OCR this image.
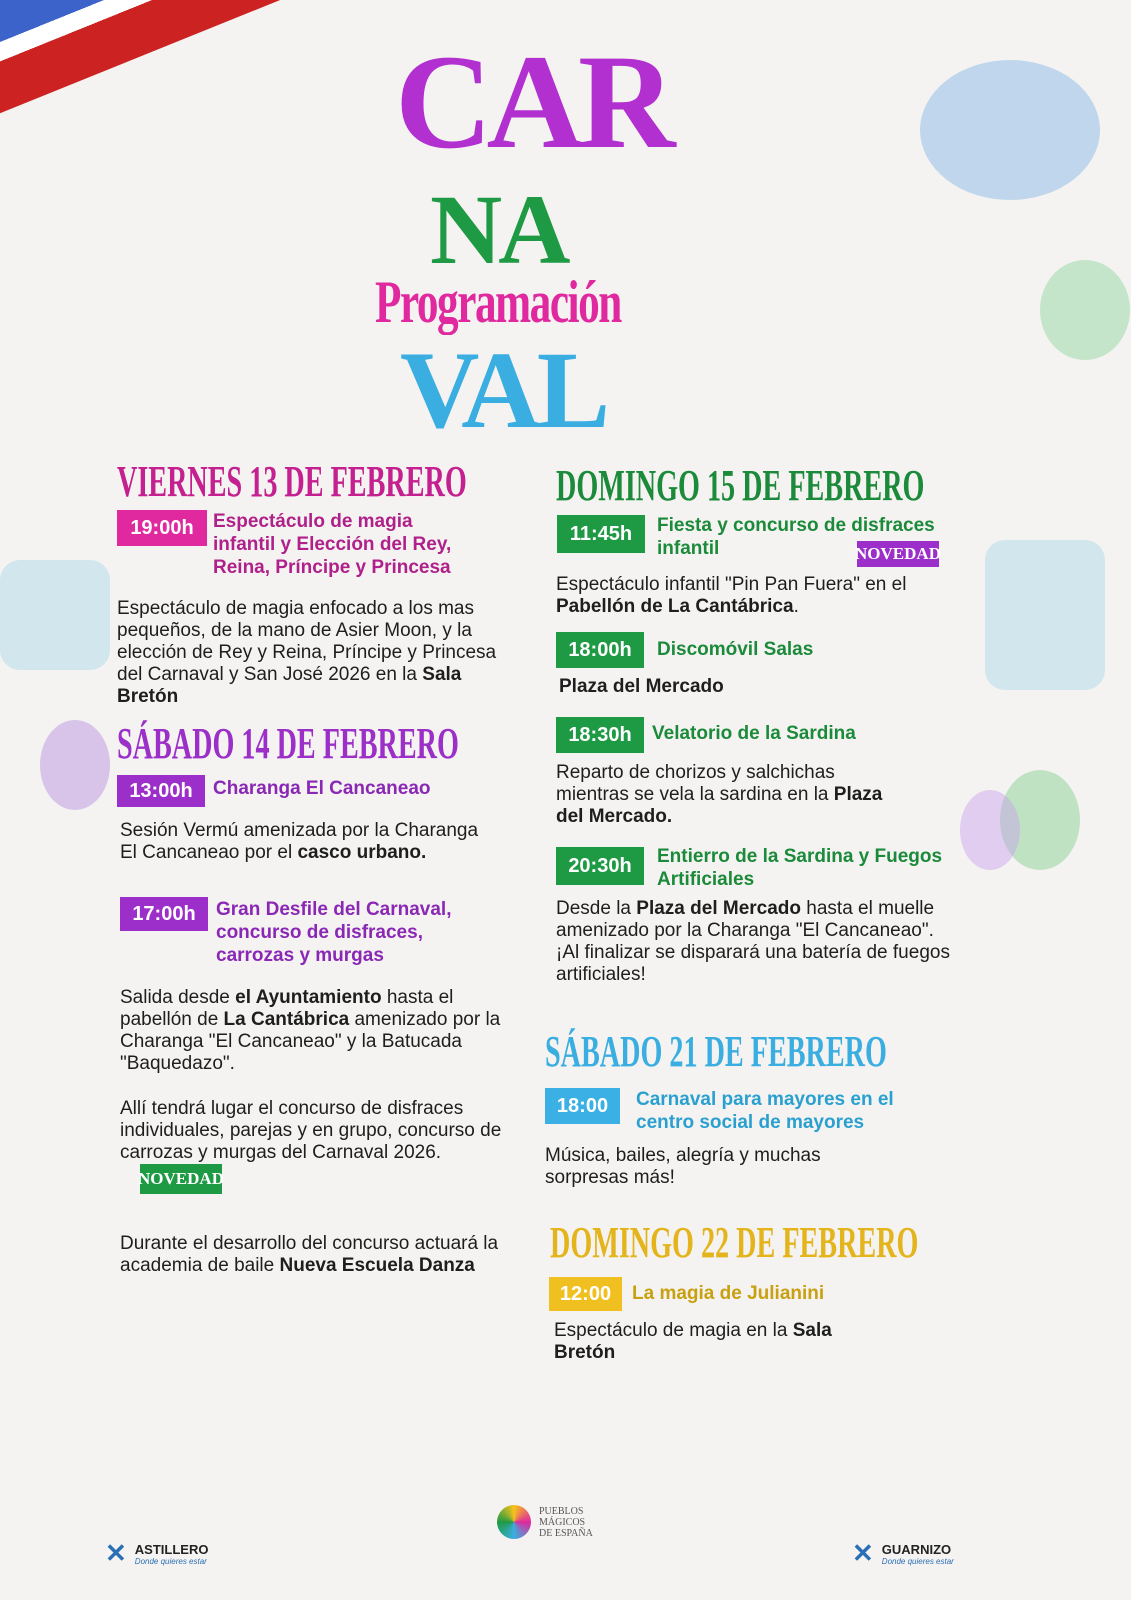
CAR
NA
Programación
VAL
VIERNES 13 DE FEBRERO
19:00h	Espectáculo de magia
infantil y Elección del Rey,
Reina, Príncipe y Princesa
Espectáculo de magia enfocado a los mas pequeños, de la mano de Asier Moon, y la elección de Rey y Reina, Príncipe y Princesa del Carnaval y San José 2026 en la Sala Bretón
SÁBADO 14 DE FEBRERO
13:00h	Charanga El Cancaneao
Sesión Vermú amenizada por la Charanga El Cancaneao por el casco urbano.
17:00h	Gran Desfile del Carnaval,
concurso de disfraces,
carrozas y murgas
Salida desde el Ayuntamiento hasta el pabellón de La Cantábrica amenizado por la Charanga "El Cancaneao" y la Batucada "Baquedazo".
Allí tendrá lugar el concurso de disfraces individuales, parejas y en grupo, concurso de carrozas y murgas del Carnaval 2026.NOVEDAD
Durante el desarrollo del concurso actuará la academia de baile Nueva Escuela Danza
DOMINGO 15 DE FEBRERO
11:45h	Fiesta y concurso de disfraces
infantil	NOVEDAD
Espectáculo infantil "Pin Pan Fuera" en el Pabellón de La Cantábrica.
18:00h	Discomóvil Salas
Plaza del Mercado
18:30h	Velatorio de la Sardina
Reparto de chorizos y salchichas mientras se vela la sardina en la Plaza del Mercado.
20:30h	Entierro de la Sardina y Fuegos
Artificiales
Desde la Plaza del Mercado hasta el muelle amenizado por la Charanga "El Cancaneao". ¡Al finalizar se disparará una batería de fuegos artificiales!
SÁBADO 21 DE FEBRERO
18:00	Carnaval para mayores en el
centro social de mayores
Música, bailes, alegría y muchas sorpresas más!
DOMINGO 22 DE FEBRERO
12:00	La magia de Julianini
Espectáculo de magia en la Sala Bretón
✕ ASTILLERO
Donde quieres estar
PUEBLOS
MÁGICOS
DE ESPAÑA
✕ GUARNIZO
Donde quieres estar
